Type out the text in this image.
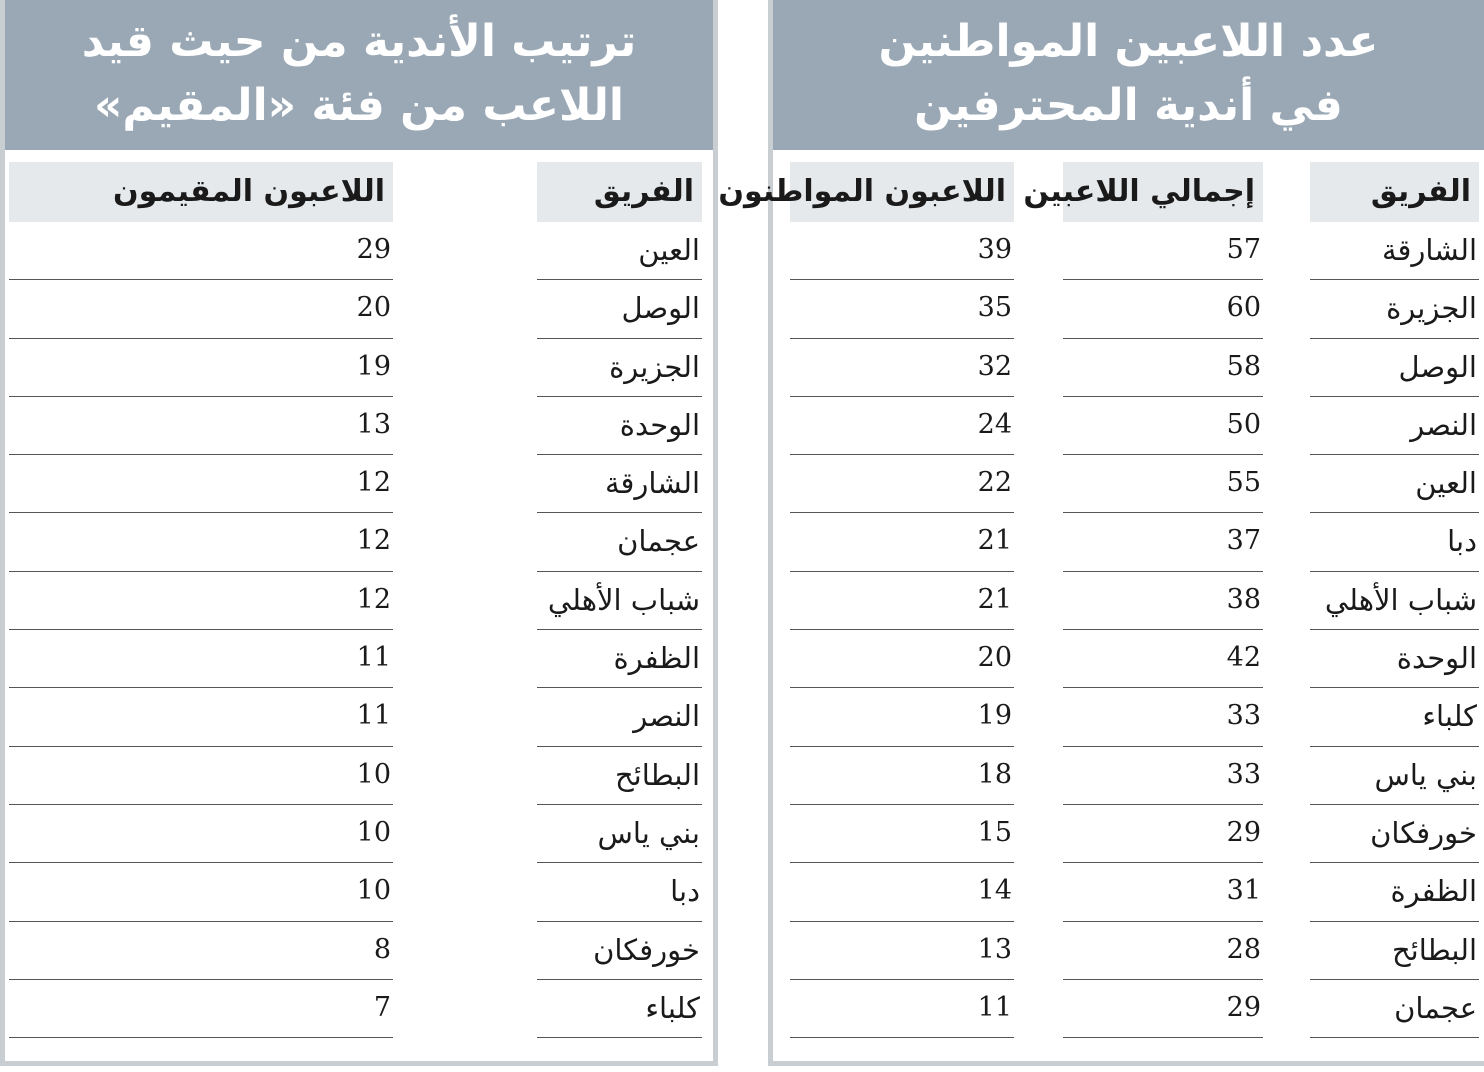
ترتيب الأندية من حيث قيد
اللاعب من فئة «المقيم»
الفريق
العين
الوصل
الجزيرة
الوحدة
الشارقة
عجمان
شباب الأهلي
الظفرة
النصر
البطائح
بني ياس
دبا
خورفكان
كلباء
اللاعبون المقيمون
29
20
19
13
12
12
12
11
11
10
10
10
8
7
عدد اللاعبين المواطنين
في أندية المحترفين
الفريق
الشارقة
الجزيرة
الوصل
النصر
العين
دبا
شباب الأهلي
الوحدة
كلباء
بني ياس
خورفكان
الظفرة
البطائح
عجمان
إجمالي اللاعبين
57
60
58
50
55
37
38
42
33
33
29
31
28
29
اللاعبون المواطنون
39
35
32
24
22
21
21
20
19
18
15
14
13
11
